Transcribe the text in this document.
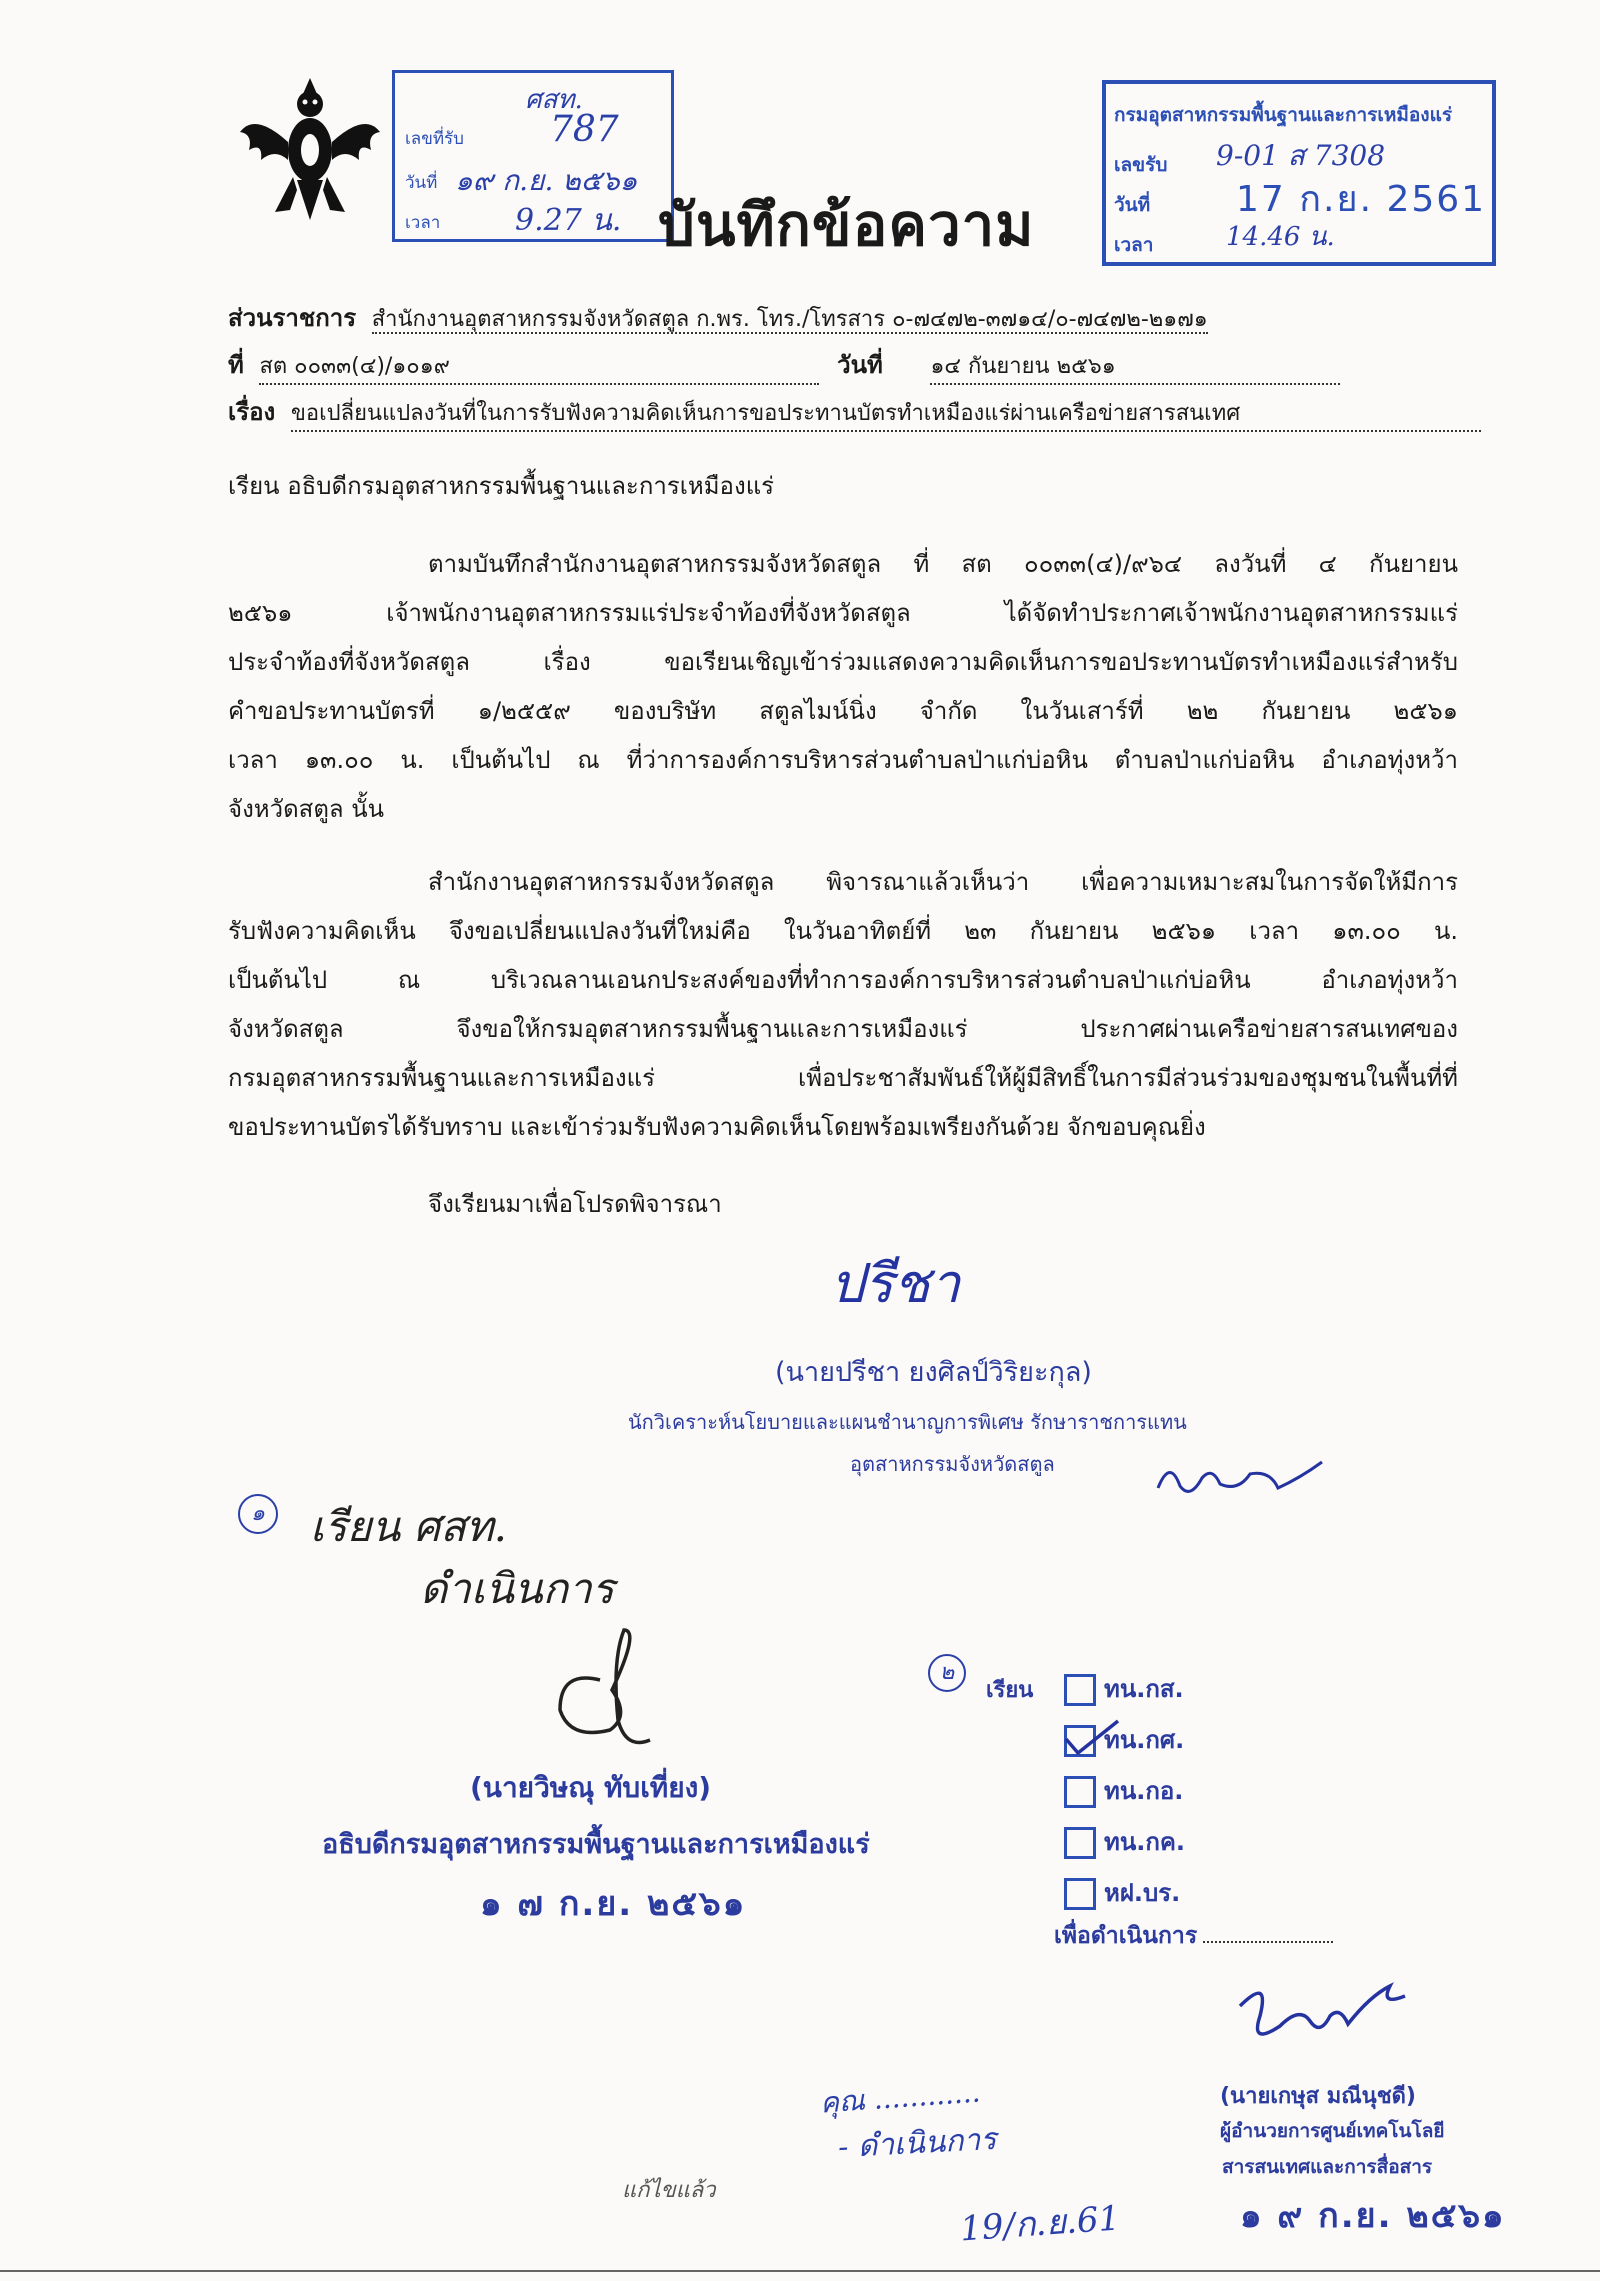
ศสท.
เลขที่รับ 787
วันที่ ๑๙ ก.ย. ๒๕๖๑
เวลา 9.27 น. บันทึกข้อความ
กรมอุตสาหกรรมพื้นฐานและการเหมืองแร่
เลขรับ 9-01 ส 7308
วันที่ 17 ก.ย. 2561
เวลา	14.46 น.
ส่วนราชการ สำนักงานอุตสาหกรรมจังหวัดสตูล ก.พร. โทร./โทรสาร ๐-๗๔๗๒-๓๗๑๔/๐-๗๔๗๒-๒๑๗๑
ที่ สต ๐๐๓๓(๔)/๑๐๑๙	วันที่ ๑๔ กันยายน ๒๕๖๑
เรื่อง ขอเปลี่ยนแปลงวันที่ในการรับฟังความคิดเห็นการขอประทานบัตรทำเหมืองแร่ผ่านเครือข่ายสารสนเทศ
เรียน อธิบดีกรมอุตสาหกรรมพื้นฐานและการเหมืองแร่
ตามบันทึกสำนักงานอุตสาหกรรมจังหวัดสตูล ที่ สต ๐๐๓๓(๔)/๙๖๔ ลงวันที่ ๔ กันยายน
๒๕๖๑ เจ้าพนักงานอุตสาหกรรมแร่ประจำท้องที่จังหวัดสตูล ได้จัดทำประกาศเจ้าพนักงานอุตสาหกรรมแร่
ประจำท้องที่จังหวัดสตูล เรื่อง ขอเรียนเชิญเข้าร่วมแสดงความคิดเห็นการขอประทานบัตรทำเหมืองแร่สำหรับ
คำขอประทานบัตรที่ ๑/๒๕๕๙ ของบริษัท สตูลไมน์นิ่ง จำกัด ในวันเสาร์ที่ ๒๒ กันยายน ๒๕๖๑
เวลา ๑๓.๐๐ น. เป็นต้นไป ณ ที่ว่าการองค์การบริหารส่วนตำบลป่าแก่บ่อหิน ตำบลป่าแก่บ่อหิน อำเภอทุ่งหว้า
จังหวัดสตูล นั้น
สำนักงานอุตสาหกรรมจังหวัดสตูล พิจารณาแล้วเห็นว่า เพื่อความเหมาะสมในการจัดให้มีการ
รับฟังความคิดเห็น จึงขอเปลี่ยนแปลงวันที่ใหม่คือ ในวันอาทิตย์ที่ ๒๓ กันยายน ๒๕๖๑ เวลา ๑๓.๐๐ น.
เป็นต้นไป ณ บริเวณลานเอนกประสงค์ของที่ทำการองค์การบริหารส่วนตำบลป่าแก่บ่อหิน อำเภอทุ่งหว้า
จังหวัดสตูล จึงขอให้กรมอุตสาหกรรมพื้นฐานและการเหมืองแร่ ประกาศผ่านเครือข่ายสารสนเทศของ
กรมอุตสาหกรรมพื้นฐานและการเหมืองแร่ เพื่อประชาสัมพันธ์ให้ผู้มีสิทธิ์ในการมีส่วนร่วมของชุมชนในพื้นที่ที่
ขอประทานบัตรได้รับทราบ และเข้าร่วมรับฟังความคิดเห็นโดยพร้อมเพรียงกันด้วย จักขอบคุณยิ่ง
จึงเรียนมาเพื่อโปรดพิจารณา
ปรีชา
(นายปรีชา ยงศิลป์วิริยะกุล)
นักวิเคราะห์นโยบายและแผนชำนาญการพิเศษ รักษาราชการแทน
อุตสาหกรรมจังหวัดสตูล
๑	เรียน ศสท.
ดำเนินการ
(นายวิษณุ ทับเที่ยง)
อธิบดีกรมอุตสาหกรรมพื้นฐานและการเหมืองแร่
๑ ๗ ก.ย. ๒๕๖๑
๒
เรียน	ทน.กส.
ทน.กศ.
ทน.กอ.
ทน.กค.
หฝ.บร.
เพื่อดำเนินการ
(นายเกษุส มณีนุชดี)
ผู้อำนวยการศูนย์เทคโนโลยี
สารสนเทศและการสื่อสาร
๑ ๙ ก.ย. ๒๕๖๑
คุณ ............
- ดำเนินการ
19/ก.ย.61
แก้ไขแล้ว
